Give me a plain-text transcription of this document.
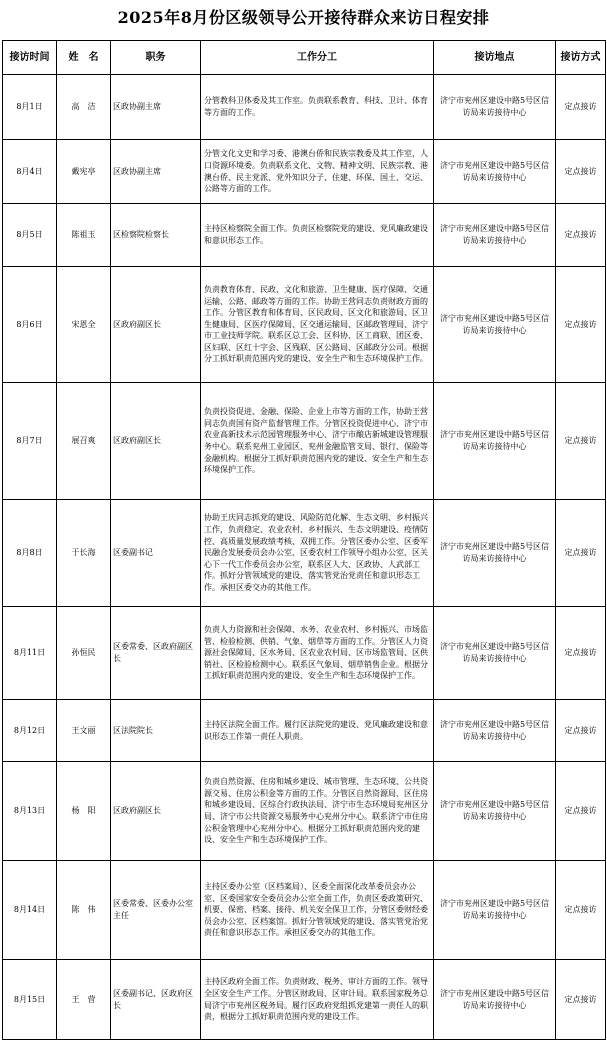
2025年8月份区级领导公开接待群众来访日程安排
接访时间	姓　名	职务	工作分工	接访地点	接访方式
8月1日	高　洁	区政协副主席	分管教科卫体委及其工作室。负责联系教育、科技、卫计、体育等方面的工作。	济宁市兖州区建设中路5号区信访局来访接待中心	定点接访
8月4日	戴宪亭	区政协副主席	分管文化文史和学习委、港澳台侨和民族宗教委及其工作室，人口资源环境委。负责联系文化、文物、精神文明、民族宗教、港澳台侨、民主党派、党外知识分子、住建、环保、国土、交运、公路等方面的工作。	济宁市兖州区建设中路5号区信访局来访接待中心	定点接访
8月5日	陈祖玉	区检察院检察长	主持区检察院全面工作。负责区检察院党的建设、党风廉政建设和意识形态工作。	济宁市兖州区建设中路5号区信访局来访接待中心	定点接访
8月6日	宋恩全	区政府副区长	负责教育体育、民政、文化和旅游、卫生健康、医疗保障、交通运输、公路、邮政等方面的工作。协助王营同志负责财政方面的工作。分管区教育和体育局、区民政局、区文化和旅游局、区卫生健康局、区医疗保障局、区交通运输局、区邮政管理局、济宁市工业技师学院。联系区总工会、区科协、区工商联、团区委、区妇联、区红十字会、区残联、区公路局、区邮政分公司。根据分工抓好职责范围内党的建设、安全生产和生态环境保护工作。	济宁市兖州区建设中路5号区信访局来访接待中心	定点接访
8月7日	展召爽	区政府副区长	负责投资促进、金融、保险、企业上市等方面的工作，协助王营同志负责国有资产监督管理工作。分管区投资促进中心、济宁市农业高新技术示范园管理服务中心、济宁市酿店新城建设管理服务中心。联系兖州工业园区、兖州金融监管支局、银行、保险等金融机构。根据分工抓好职责范围内党的建设、安全生产和生态环境保护工作。	济宁市兖州区建设中路5号区信访局来访接待中心	定点接访
8月8日	于长海	区委副书记	协助王庆同志抓党的建设、风险防范化解、生态文明、乡村振兴工作，负责稳定、农业农村、乡村振兴、生态文明建设、疫情防控、高质量发展政绩考核、双拥工作。分管区委办公室、区委军民融合发展委员会办公室、区委农村工作领导小组办公室、区关心下一代工作委员会办公室，联系区人大、区政协、人武部工作。抓好分管领域党的建设、落实管党治党责任和意识形态工作。承担区委交办的其他工作。	济宁市兖州区建设中路5号区信访局来访接待中心	定点接访
8月11日	孙恒民	区委常委、区政府副区长	负责人力资源和社会保障、水务、农业农村、乡村振兴、市场监管、检验检测、供销、气象、烟草等方面的工作。分管区人力资源社会保障局、区水务局、区农业农村局、区市场监管局、区供销社、区检验检测中心。联系区气象局、烟草销售企业。根据分工抓好职责范围内党的建设、安全生产和生态环境保护工作。	济宁市兖州区建设中路5号区信访局来访接待中心	定点接访
8月12日	王文丽	区法院院长	主持区法院全面工作。履行区法院党的建设、党风廉政建设和意识形态工作第一责任人职责。	济宁市兖州区建设中路5号区信访局来访接待中心	定点接访
8月13日	杨　阳	区政府副区长	负责自然资源、住房和城乡建设、城市管理、生态环境、公共资源交易、住房公积金等方面的工作。分管区自然资源局、区住房和城乡建设局、区综合行政执法局、济宁市生态环境局兖州区分局、济宁市公共资源交易服务中心兖州分中心。联系济宁市住房公积金管理中心兖州分中心。根据分工抓好职责范围内党的建设、安全生产和生态环境保护工作。	济宁市兖州区建设中路5号区信访局来访接待中心	定点接访
8月14日	陈　伟	区委常委、区委办公室主任	主持区委办公室（区档案局）、区委全面深化改革委员会办公室、区委国家安全委员会办公室全面工作，负责区委政策研究、机要、保密、档案、接待、机关安全保卫工作，分管区委财经委员会办公室、区档案馆。抓好分管领域党的建设、落实管党治党责任和意识形态工作。承担区委交办的其他工作。	济宁市兖州区建设中路5号区信访局来访接待中心	定点接访
8月15日	王　营	区委副书记、区政府区长	主持区政府全面工作。负责财政、税务、审计方面的工作。领导全区安全生产工作。分管区财政局、区审计局。联系国家税务总局济宁市兖州区税务局。履行区政府党组抓党建第一责任人的职责，根据分工抓好职责范围内党的建设工作。	济宁市兖州区建设中路5号区信访局来访接待中心	定点接访
